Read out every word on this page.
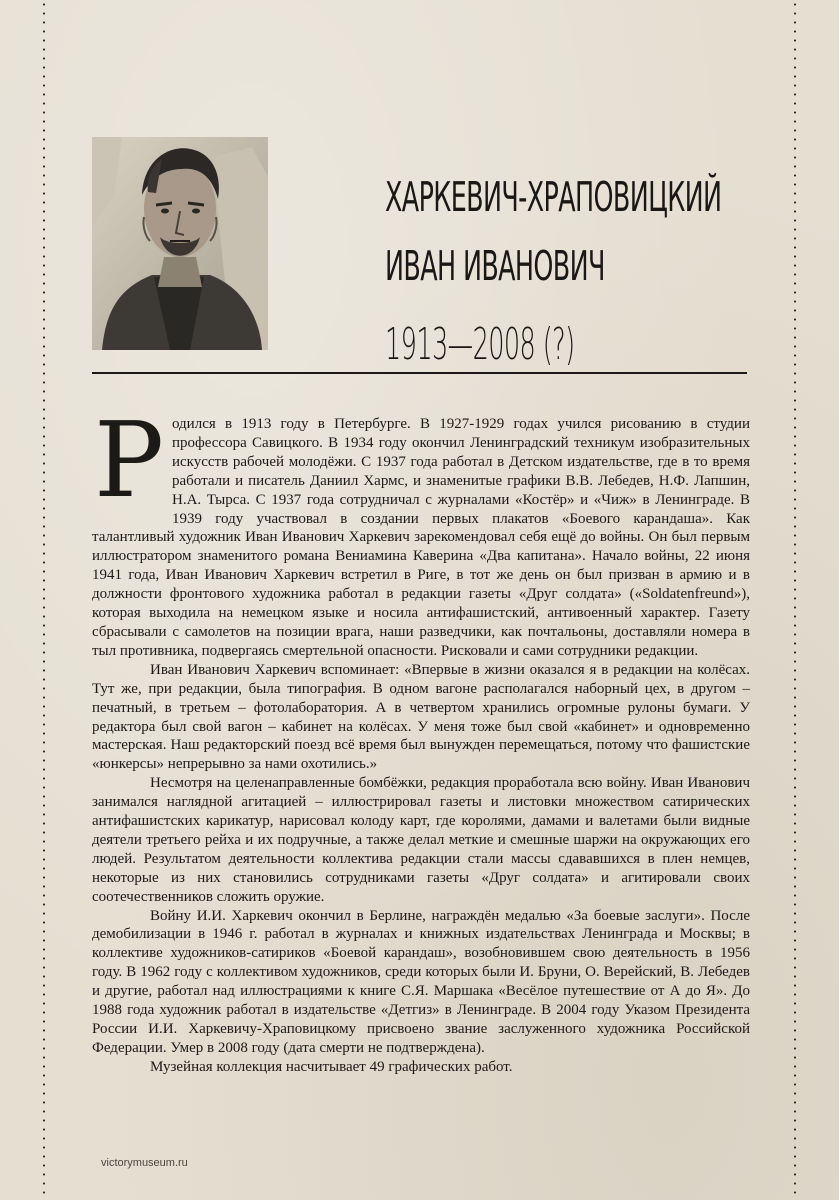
ХАРКЕВИЧ-ХРАПОВИЦКИЙ
ИВАН ИВАНОВИЧ
1913—2008 (?)

Родился в 1913 году в Петербурге. В 1927-1929 годах учился рисованию в студии профессора Савицкого. В 1934 году окончил Ленинградский техникум изобразительных искусств рабочей молодёжи. С 1937 года работал в Детском издательстве, где в то время работали и писатель Даниил Хармс, и знаменитые графики В.В. Лебедев, Н.Ф. Лапшин, Н.А. Тырса. С 1937 года сотрудничал с журналами «Костёр» и «Чиж» в Ленинграде. В 1939 году участвовал в создании первых плакатов «Боевого карандаша». Как талантливый художник Иван Иванович Харкевич зарекомендовал себя ещё до войны. Он был первым иллюстратором знаменитого романа Вениамина Каверина «Два капитана». Начало войны, 22 июня 1941 года, Иван Иванович Харкевич встретил в Риге, в тот же день он был призван в армию и в должности фронтового художника работал в редакции газеты «Друг солдата» («Soldatenfreund»), которая выходила на немецком языке и носила антифашистский, антивоенный характер. Газету сбрасывали с самолетов на позиции врага, наши разведчики, как почтальоны, доставляли номера в тыл противника, подвергаясь смертельной опасности. Рисковали и сами сотрудники редакции.

Иван Иванович Харкевич вспоминает: «Впервые в жизни оказался я в редакции на колёсах. Тут же, при редакции, была типография. В одном вагоне располагался наборный цех, в другом – печатный, в третьем – фотолаборатория. А в четвертом хранились огромные рулоны бумаги. У редактора был свой вагон – кабинет на колёсах. У меня тоже был свой «кабинет» и одновременно мастерская. Наш редакторский поезд всё время был вынужден перемещаться, потому что фашистские «юнкерсы» непрерывно за нами охотились.»

Несмотря на целенаправленные бомбёжки, редакция проработала всю войну. Иван Иванович занимался наглядной агитацией – иллюстрировал газеты и листовки множеством сатирических антифашистских карикатур, нарисовал колоду карт, где королями, дамами и валетами были видные деятели третьего рейха и их подручные, а также делал меткие и смешные шаржи на окружающих его людей. Результатом деятельности коллектива редакции стали массы сдававшихся в плен немцев, некоторые из них становились сотрудниками газеты «Друг солдата» и агитировали своих соотечественников сложить оружие.

Войну И.И. Харкевич окончил в Берлине, награждён медалью «За боевые заслуги». После демобилизации в 1946 г. работал в журналах и книжных издательствах Ленинграда и Москвы; в коллективе художников-сатириков «Боевой карандаш», возобновившем свою деятельность в 1956 году. В 1962 году с коллективом художников, среди которых были И. Бруни, О. Верейский, В. Лебедев и другие, работал над иллюстрациями к книге С.Я. Маршака «Весёлое путешествие от А до Я». До 1988 года художник работал в издательстве «Детгиз» в Ленинграде. В 2004 году Указом Президента России И.И. Харкевичу-Храповицкому присвоено звание заслуженного художника Российской Федерации. Умер в 2008 году (дата смерти не подтверждена).

Музейная коллекция насчитывает 49 графических работ.

victorymuseum.ru
